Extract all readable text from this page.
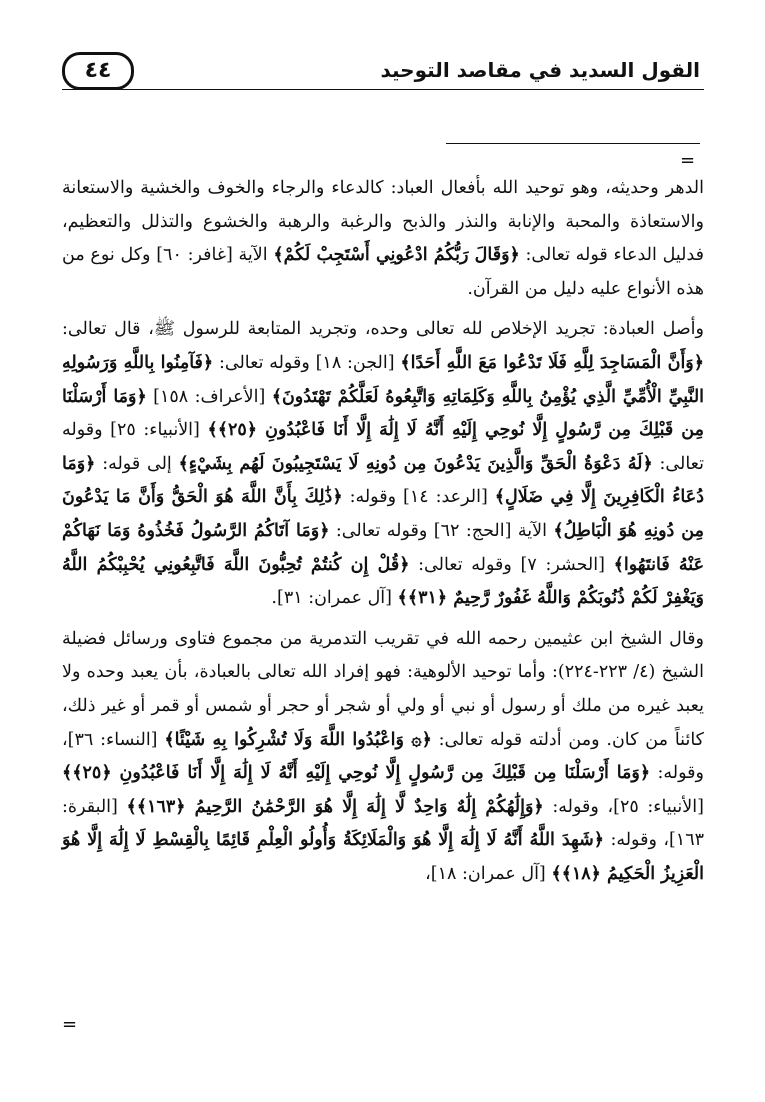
القول السديد في مقاصد التوحيد
٤٤
=

الدهر وحديثه، وهو توحيد الله بأفعال العباد: كالدعاء والرجاء والخوف والخشية والاستعانة والاستعاذة والمحبة والإنابة والنذر والذبح والرغبة والرهبة والخشوع والتذلل والتعظيم، فدليل الدعاء قوله تعالى: ﴿وَقَالَ رَبُّكُمُ ادْعُونِي أَسْتَجِبْ لَكُمْ﴾ الآية [غافر: ٦٠] وكل نوع من هذه الأنواع عليه دليل من القرآن.

وأصل العبادة: تجريد الإخلاص لله تعالى وحده، وتجريد المتابعة للرسول ﷺ، قال تعالى: ﴿وَأَنَّ الْمَسَاجِدَ لِلَّهِ فَلَا تَدْعُوا مَعَ اللَّهِ أَحَدًا﴾ [الجن: ١٨] وقوله تعالى: ﴿فَآمِنُوا بِاللَّهِ وَرَسُولِهِ النَّبِيِّ الْأُمِّيِّ الَّذِي يُؤْمِنُ بِاللَّهِ وَكَلِمَاتِهِ وَاتَّبِعُوهُ لَعَلَّكُمْ تَهْتَدُونَ﴾ [الأعراف: ١٥٨] ﴿وَمَا أَرْسَلْنَا مِن قَبْلِكَ مِن رَّسُولٍ إِلَّا نُوحِي إِلَيْهِ أَنَّهُ لَا إِلَٰهَ إِلَّا أَنَا فَاعْبُدُونِ ﴿٢٥﴾﴾ [الأنبياء: ٢٥] وقوله تعالى: ﴿لَهُ دَعْوَةُ الْحَقِّ وَالَّذِينَ يَدْعُونَ مِن دُونِهِ لَا يَسْتَجِيبُونَ لَهُم بِشَيْءٍ﴾ إلى قوله: ﴿وَمَا دُعَاءُ الْكَافِرِينَ إِلَّا فِي ضَلَالٍ﴾ [الرعد: ١٤] وقوله: ﴿ذَٰلِكَ بِأَنَّ اللَّهَ هُوَ الْحَقُّ وَأَنَّ مَا يَدْعُونَ مِن دُونِهِ هُوَ الْبَاطِلُ﴾ الآية [الحج: ٦٢] وقوله تعالى: ﴿وَمَا آتَاكُمُ الرَّسُولُ فَخُذُوهُ وَمَا نَهَاكُمْ عَنْهُ فَانتَهُوا﴾ [الحشر: ٧] وقوله تعالى: ﴿قُلْ إِن كُنتُمْ تُحِبُّونَ اللَّهَ فَاتَّبِعُونِي يُحْبِبْكُمُ اللَّهُ وَيَغْفِرْ لَكُمْ ذُنُوبَكُمْ وَاللَّهُ غَفُورٌ رَّحِيمٌ ﴿٣١﴾﴾ [آل عمران: ٣١].

وقال الشيخ ابن عثيمين رحمه الله في تقريب التدمرية من مجموع فتاوى ورسائل فضيلة الشيخ (٤/ ٢٢٣-٢٢٤): وأما توحيد الألوهية: فهو إفراد الله تعالى بالعبادة، بأن يعبد وحده ولا يعبد غيره من ملك أو رسول أو نبي أو ولي أو شجر أو حجر أو شمس أو قمر أو غير ذلك، كائناً من كان. ومن أدلته قوله تعالى: ﴿۞ وَاعْبُدُوا اللَّهَ وَلَا تُشْرِكُوا بِهِ شَيْئًا﴾ [النساء: ٣٦]، وقوله: ﴿وَمَا أَرْسَلْنَا مِن قَبْلِكَ مِن رَّسُولٍ إِلَّا نُوحِي إِلَيْهِ أَنَّهُ لَا إِلَٰهَ إِلَّا أَنَا فَاعْبُدُونِ ﴿٢٥﴾﴾ [الأنبياء: ٢٥]، وقوله: ﴿وَإِلَٰهُكُمْ إِلَٰهٌ وَاحِدٌ لَّا إِلَٰهَ إِلَّا هُوَ الرَّحْمَٰنُ الرَّحِيمُ ﴿١٦٣﴾﴾ [البقرة: ١٦٣]، وقوله: ﴿شَهِدَ اللَّهُ أَنَّهُ لَا إِلَٰهَ إِلَّا هُوَ وَالْمَلَائِكَةُ وَأُولُو الْعِلْمِ قَائِمًا بِالْقِسْطِ لَا إِلَٰهَ إِلَّا هُوَ الْعَزِيزُ الْحَكِيمُ ﴿١٨﴾﴾ [آل عمران: ١٨]،

=
